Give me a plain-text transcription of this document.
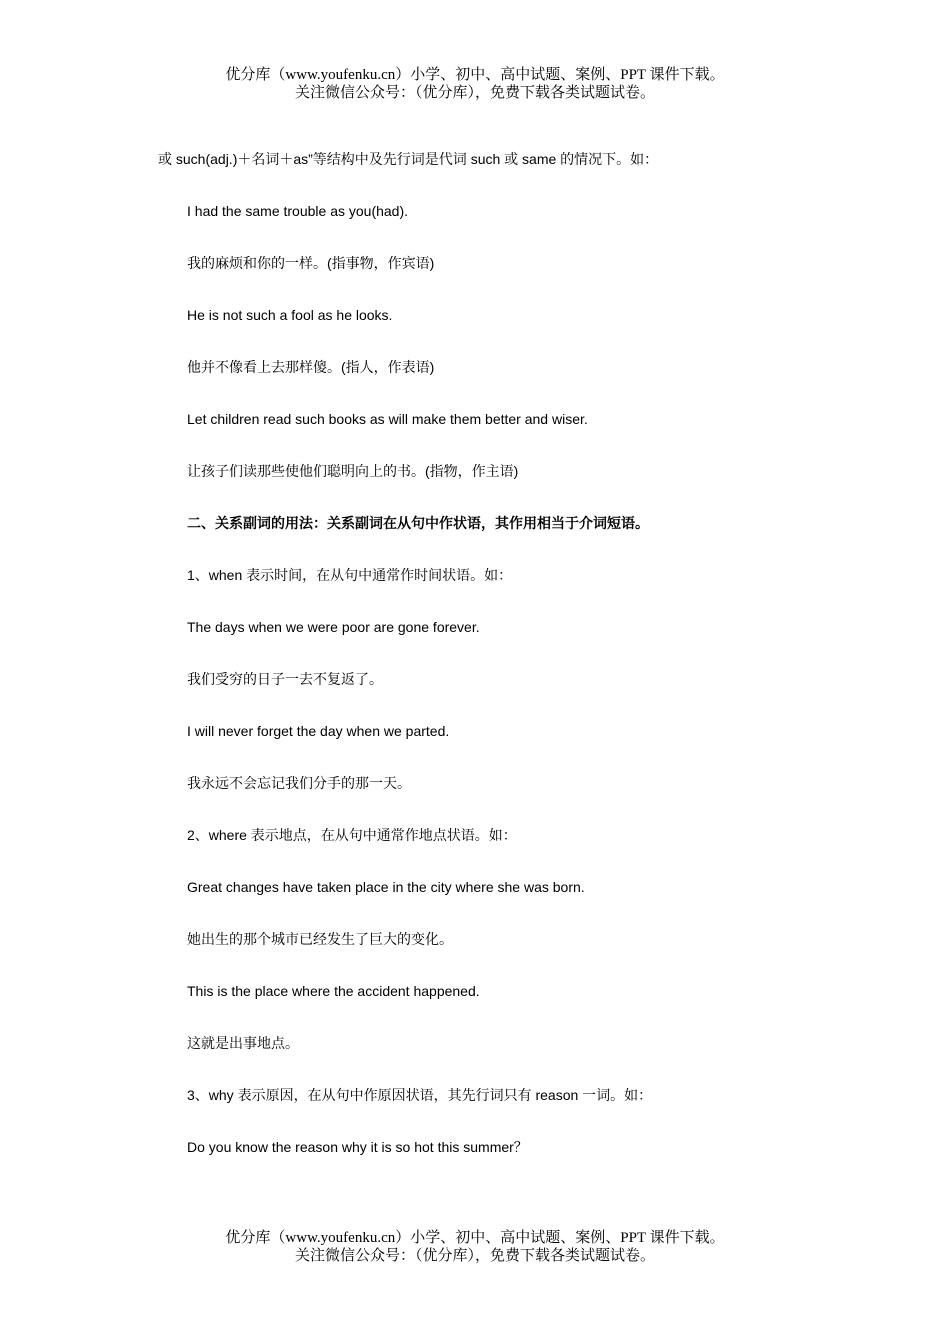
优分库（www.youfenku.cn）小学、初中、高中试题、案例、PPT 课件下载。
关注微信公众号：（优分库），免费下载各类试题试卷。
或 such(adj.)＋名词＋as”等结构中及先行词是代词 such 或 same 的情况下。如：
I had the same trouble as you(had).
我的麻烦和你的一样。(指事物，作宾语)
He is not such a fool as he looks.
他并不像看上去那样傻。(指人，作表语)
Let children read such books as will make them better and wiser.
让孩子们读那些使他们聪明向上的书。(指物，作主语)
二、关系副词的用法：关系副词在从句中作状语，其作用相当于介词短语。
1、when 表示时间，在从句中通常作时间状语。如：
The days when we were poor are gone forever.
我们受穷的日子一去不复返了。
I will never forget the day when we parted.
我永远不会忘记我们分手的那一天。
2、where 表示地点，在从句中通常作地点状语。如：
Great changes have taken place in the city where she was born.
她出生的那个城市已经发生了巨大的变化。
This is the place where the accident happened.
这就是出事地点。
3、why 表示原因，在从句中作原因状语，其先行词只有 reason 一词。如：
Do you know the reason why it is so hot this summer？
优分库（www.youfenku.cn）小学、初中、高中试题、案例、PPT 课件下载。
关注微信公众号：（优分库），免费下载各类试题试卷。
